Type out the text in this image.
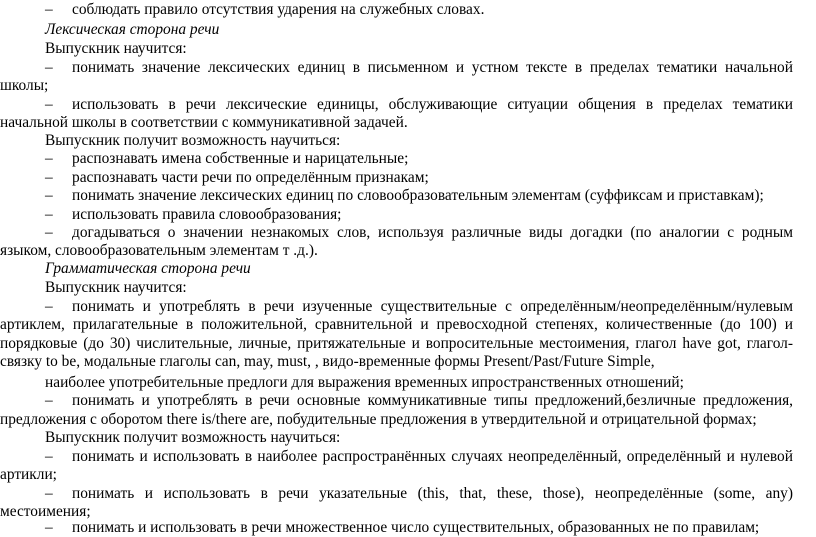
– соблюдать правило отсутствия ударения на служебных словах.
Лексическая сторона речи
Выпускник научится:
– понимать значение лексических единиц в письменном и устном тексте в пределах тематики начальной
школы;
– использовать в речи лексические единицы, обслуживающие ситуации общения в пределах тематики
начальной школы в соответствии с коммуникативной задачей.
Выпускник получит возможность научиться:
– распознавать имена собственные и нарицательные;
– распознавать части речи по определённым признакам;
– понимать значение лексических единиц по словообразовательным элементам (суффиксам и приставкам);
– использовать правила словообразования;
– догадываться о значении незнакомых слов, используя различные виды догадки (по аналогии с родным
языком, словообразовательным элементам т .д.).
Грамматическая сторона речи
Выпускник научится:
– понимать и употреблять в речи изученные существительные с определённым/неопределённым/нулевым
артиклем, прилагательные в положительной, сравнительной и превосходной степенях, количественные (до 100) и
порядковые (до 30) числительные, личные, притяжательные и вопросительные местоимения, глагол have got, глагол-
связку to be, модальные глаголы can, may, must, , видо-временные формы Present/Past/Future Simple,
наиболее употребительные предлоги для выражения временных ипространственных отношений;
– понимать и употреблять в речи основные коммуникативные типы предложений,безличные предложения,
предложения с оборотом there is/there are, побудительные предложения в утвердительной и отрицательной формах;
Выпускник получит возможность научиться:
– понимать и использовать в наиболее распространённых случаях неопределённый, определённый и нулевой
артикли;
– понимать и использовать в речи указательные (this, that, these, those), неопределённые (some, any)
местоимения;
– понимать и использовать в речи множественное число существительных, образованных не по правилам;
